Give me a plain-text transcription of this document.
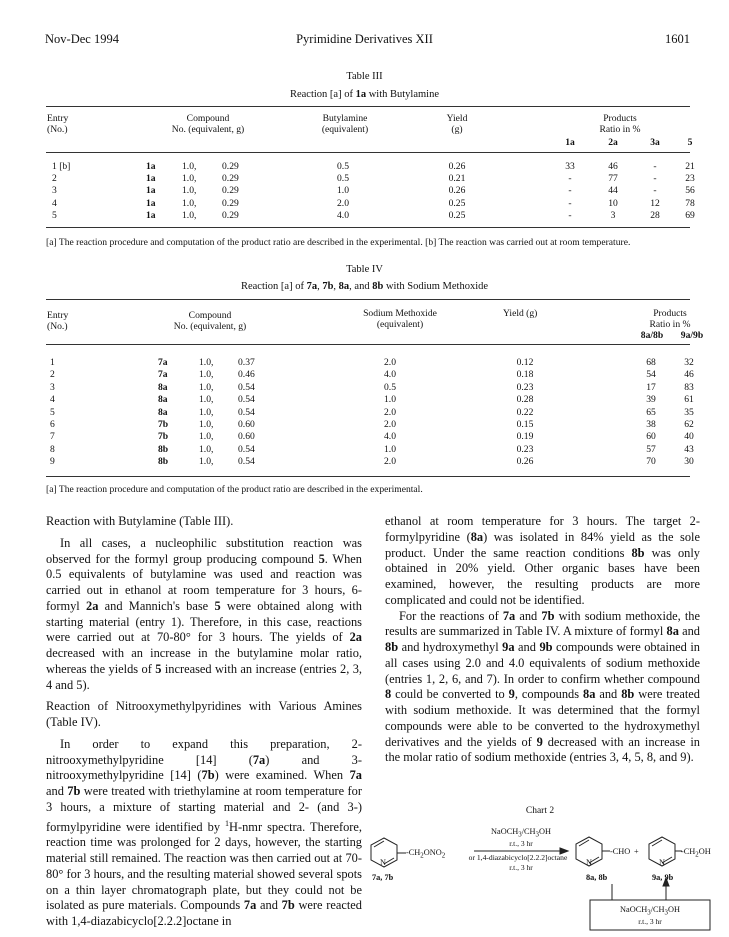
Nov-Dec 1994	Pyrimidine Derivatives XII	1601
Table III
Reaction [a] of 1a with Butylamine
Entry
(No.)
Compound
No. (equivalent, g)
Butylamine
(equivalent)
Yield
(g)
Products
Ratio in %
1a	2a	3a	5
1 [b]	1a	1.0,	0.29	0.5	0.26	33	46	-	21
2	1a	1.0,	0.29	0.5	0.21	-	77	-	23
3	1a	1.0,	0.29	1.0	0.26	-	44	-	56
4	1a	1.0,	0.29	2.0	0.25	-	10	12	78
5	1a	1.0,	0.29	4.0	0.25	-	3	28	69
[a] The reaction procedure and computation of the product ratio are described in the experimental. [b] The reaction was carried out at room temperature.
Table IV
Reaction [a] of 7a, 7b, 8a, and 8b with Sodium Methoxide
Entry
(No.)
Compound
No. (equivalent, g)
Sodium Methoxide
(equivalent)
Yield (g)	Products
Ratio in %
8a/8b	9a/9b
1	7a	1.0,	0.37	2.0	0.12	68	32
2	7a	1.0,	0.46	4.0	0.18	54	46
3	8a	1.0,	0.54	0.5	0.23	17	83
4	8a	1.0,	0.54	1.0	0.28	39	61
5	8a	1.0,	0.54	2.0	0.22	65	35
6	7b	1.0,	0.60	2.0	0.15	38	62
7	7b	1.0,	0.60	4.0	0.19	60	40
8	8b	1.0,	0.54	1.0	0.23	57	43
9	8b	1.0,	0.54	2.0	0.26	70	30
[a] The reaction procedure and computation of the product ratio are described in the experimental.
Reaction with Butylamine (Table III).

In all cases, a nucleophilic substitution reaction was observed for the formyl group producing compound 5. When 0.5 equivalents of butylamine was used and reaction was carried out in ethanol at room temperature for 3 hours, 6-formyl 2a and Mannich's base 5 were obtained along with starting material (entry 1). Therefore, in this case, reactions were carried out at 70-80° for 3 hours. The yields of 2a decreased with an increase in the butylamine molar ratio, whereas the yields of 5 increased with an increase (entries 2, 3, 4 and 5).

Reaction of Nitrooxymethylpyridines with Various Amines (Table IV).

In order to expand this preparation, 2-nitrooxymethylpyridine [14] (7a) and 3-nitrooxymethylpyridine [14] (7b) were examined. When 7a and 7b were treated with triethylamine at room temperature for 3 hours, a mixture of starting material and 2- (and 3-) formylpyridine were identified by $^1$H-nmr spectra. Therefore, reaction time was prolonged for 2 days, however, the starting material still remained. The reaction was then carried out at 70-80° for 3 hours, and the resulting material showed several spots on a thin layer chromatograph plate, but they could not be isolated as pure materials. Compounds 7a and 7b were reacted with 1,4-diazabicyclo[2.2.2]octane in

ethanol at room temperature for 3 hours. The target 2-formylpyridine (8a) was isolated in 84% yield as the sole product. Under the same reaction conditions 8b was only obtained in 20% yield. Other organic bases have been examined, however, the resulting products are more complicated and could not be identified.

For the reactions of 7a and 7b with sodium methoxide, the results are summarized in Table IV. A mixture of formyl 8a and 8b and hydroxymethyl 9a and 9b compounds were obtained in all cases using 2.0 and 4.0 equivalents of sodium methoxide (entries 1, 2, 6, and 7). In order to confirm whether compound 8 could be converted to 9, compounds 8a and 8b were treated with sodium methoxide. It was determined that the formyl compounds were able to be converted to the hydroxymethyl derivatives and the yields of 9 decreased with an increase in the molar ratio of sodium methoxide (entries 3, 4, 5, 8, and 9).

Chart 2
N
$-CH_2ONO_2$
7a, 7b
$NaOCH_3/CH_3OH$
r.t., 3 hr
or 1,4-diazabicyclo[2.2.2]octane
r.t., 3 hr
N
-CHO +
8a, 8b
N
$-CH_2OH$
9a, 9b
$NaOCH_3/CH_3OH$
r.t., 3 hr
